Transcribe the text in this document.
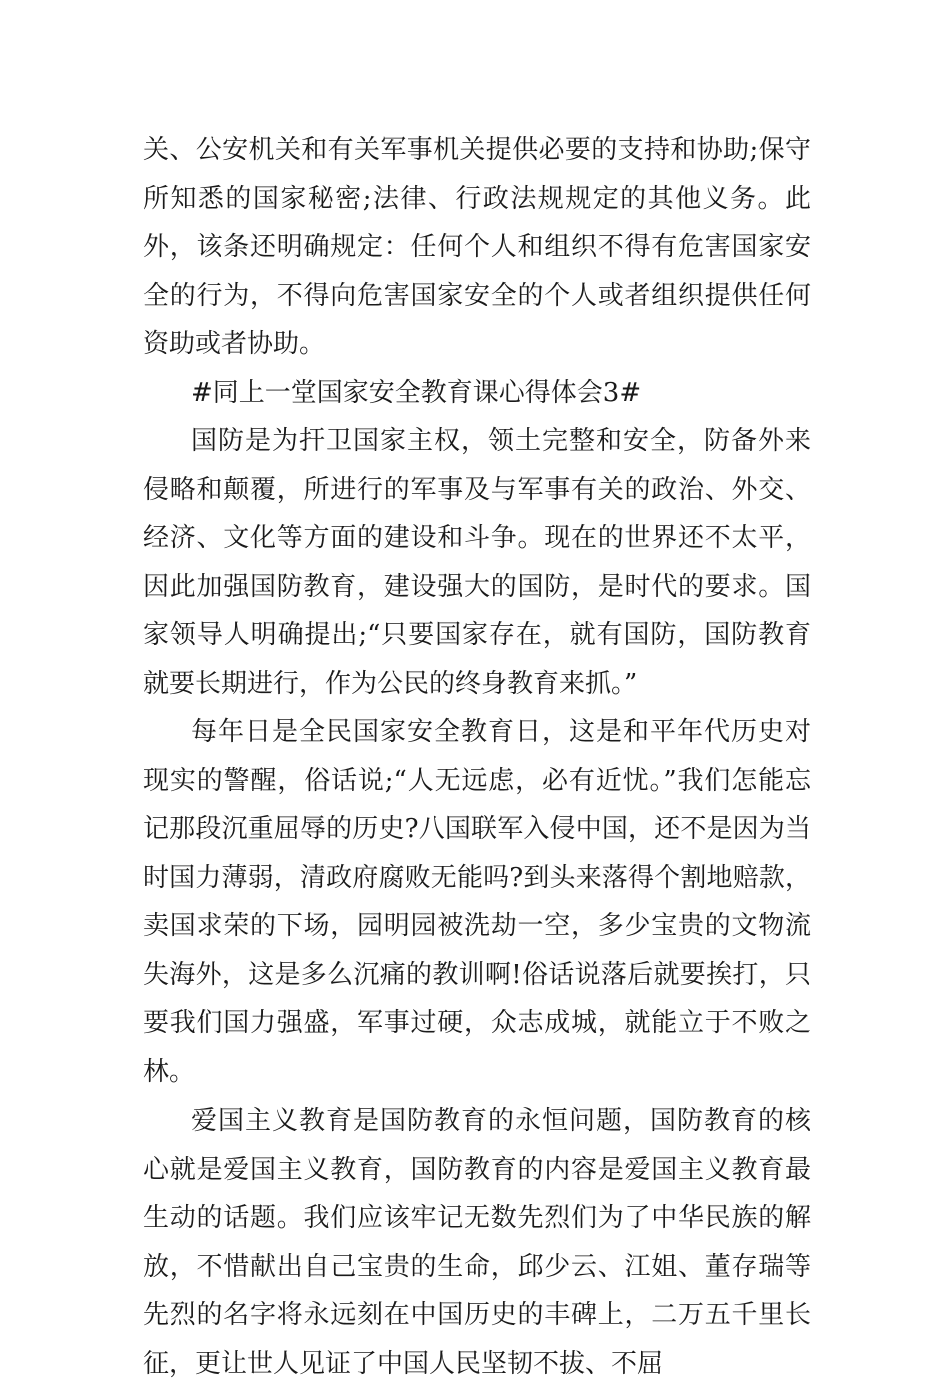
关、公安机关和有关军事机关提供必要的支持和协助;保守所知悉的国家秘密;法律、行政法规规定的其他义务。此外，该条还明确规定：任何个人和组织不得有危害国家安全的行为，不得向危害国家安全的个人或者组织提供任何资助或者协助。

#同上一堂国家安全教育课心得体会3#

国防是为扞卫国家主权，领土完整和安全，防备外来侵略和颠覆，所进行的军事及与军事有关的政治、外交、经济、文化等方面的建设和斗争。现在的世界还不太平，因此加强国防教育，建设强大的国防，是时代的要求。国家领导人明确提出;“只要国家存在，就有国防，国防教育就要长期进行，作为公民的终身教育来抓。”

每年日是全民国家安全教育日，这是和平年代历史对现实的警醒，俗话说;“人无远虑，必有近忧。”我们怎能忘记那段沉重屈辱的历史?八国联军入侵中国，还不是因为当时国力薄弱，清政府腐败无能吗?到头来落得个割地赔款，卖国求荣的下场，园明园被洗劫一空，多少宝贵的文物流失海外，这是多么沉痛的教训啊!俗话说落后就要挨打，只要我们国力强盛，军事过硬，众志成城，就能立于不败之林。

爱国主义教育是国防教育的永恒问题，国防教育的核心就是爱国主义教育，国防教育的内容是爱国主义教育最生动的话题。我们应该牢记无数先烈们为了中华民族的解放，不惜献出自己宝贵的生命，邱少云、江姐、董存瑞等先烈的名字将永远刻在中国历史的丰碑上，二万五千里长征，更让世人见证了中国人民坚韧不拔、不屈
